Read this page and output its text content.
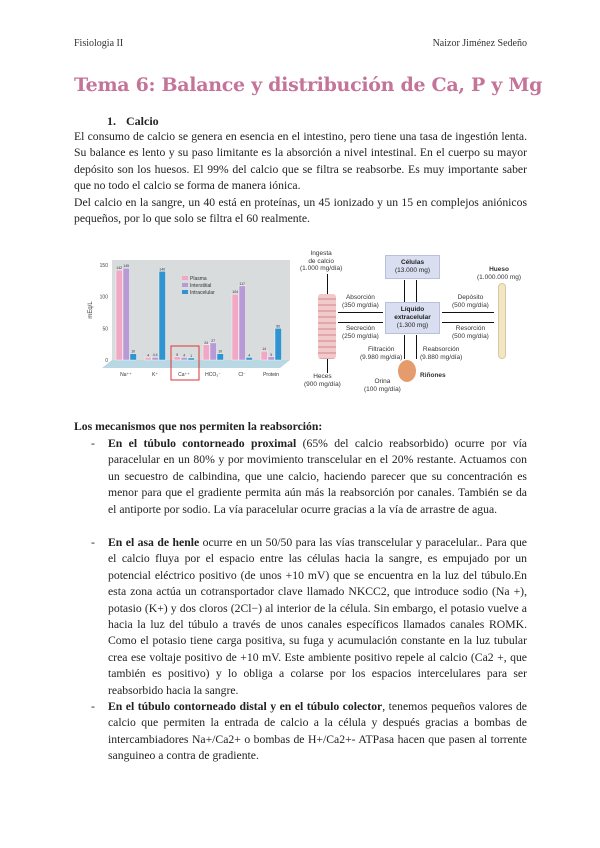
Fisiologia II	Naizor Jiménez Sedeño
Tema 6: Balance y distribución de Ca, P y Mg
1. Calcio

El consumo de calcio se genera en esencia en el intestino, pero tiene una tasa de ingestión lenta. Su balance es lento y su paso limitante es la absorción a nivel intestinal. En el cuerpo su mayor depósito son los huesos. El 99% del calcio que se filtra se reabsorbe. Es muy importante saber que no todo el calcio se forma de manera iónica.

Del calcio en la sangre, un 40 está en proteínas, un 45 ionizado y un 15 en complejos aniónicos pequeños, por lo que solo se filtra el 60 realmente.

0
50
100
150
mEq/L
142 145
10
Na⁺⁺
4 4.4
140
K⁺
5 4 1
Ca⁺⁺
24 27
10
HCO₃⁻
104
117
4
Cl⁻
14
5
50
Protein
Plasma
Interstitial
Intracelular
Ingesta
de calcio
(1.000 mg/día)
Heces
(900 mg/día)
Células
(13.000 mg)
Líquido
extracelular
(1.300 mg)
Absorción
(350 mg/día)
Secreción
(250 mg/día)
Depósito
(500 mg/día)
Resorción
(500 mg/día)
Hueso
(1.000.000 mg)
Filtración
(9.980 mg/día)
Reabsorción
(9.880 mg/día)
Riñones
Orina
(100 mg/día)
Los mecanismos que nos permiten la reabsorción:
- En el túbulo contorneado proximal (65% del calcio reabsorbido) ocurre por vía paracelular en un 80% y por movimiento transcelular en el 20% restante. Actuamos con un secuestro de calbindina, que une calcio, haciendo parecer que su concentración es menor para que el gradiente permita aún más la reabsorción por canales. También se da el antiporte por sodio. La vía paracelular ocurre gracias a la vía de arrastre de agua.
- En el asa de henle ocurre en un 50/50 para las vías transcelular y paracelular.. Para que el calcio fluya por el espacio entre las células hacia la sangre, es empujado por un potencial eléctrico positivo (de unos +10 mV) que se encuentra en la luz del túbulo.En esta zona actúa un cotransportador clave llamado NKCC2, que introduce sodio (Na +), potasio (K+) y dos cloros (2Cl−) al interior de la célula. Sin embargo, el potasio vuelve a hacia la luz del túbulo a través de unos canales específicos llamados canales ROMK. Como el potasio tiene carga positiva, su fuga y acumulación constante en la luz tubular crea ese voltaje positivo de +10 mV. Este ambiente positivo repele al calcio (Ca2 +, que también es positivo) y lo obliga a colarse por los espacios intercelulares para ser reabsorbido hacia la sangre.
- En el túbulo contorneado distal y en el túbulo colector, tenemos pequeños valores de calcio que permiten la entrada de calcio a la célula y después gracias a bombas de intercambiadores Na+/Ca2+ o bombas de H+/Ca2+- ATPasa hacen que pasen al torrente sanguineo a contra de gradiente.
